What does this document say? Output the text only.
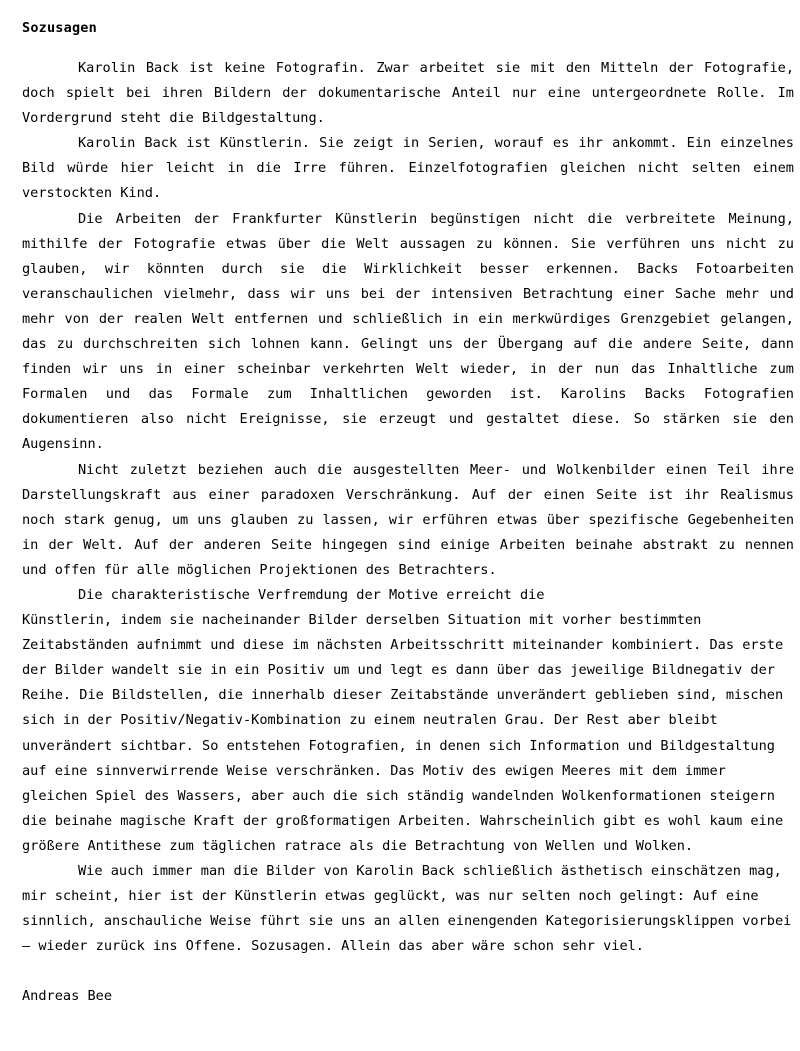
Sozusagen

Karolin Back ist keine Fotografin. Zwar arbeitet sie mit den Mitteln der Fotografie, doch spielt bei ihren Bildern der dokumentarische Anteil nur eine untergeordnete Rolle. Im Vordergrund steht die Bildgestaltung.

Karolin Back ist Künstlerin. Sie zeigt in Serien, worauf es ihr ankommt. Ein einzelnes Bild würde hier leicht in die Irre führen. Einzelfotografien gleichen nicht selten einem verstockten Kind.

Die Arbeiten der Frankfurter Künstlerin begünstigen nicht die verbreitete Meinung, mithilfe der Fotografie etwas über die Welt aussagen zu können. Sie verführen uns nicht zu glauben, wir könnten durch sie die Wirklichkeit besser erkennen. Backs Fotoarbeiten veranschaulichen vielmehr, dass wir uns bei der intensiven Betrachtung einer Sache mehr und mehr von der realen Welt entfernen und schließlich in ein merkwürdiges Grenzgebiet gelangen, das zu durchschreiten sich lohnen kann. Gelingt uns der Übergang auf die andere Seite, dann finden wir uns in einer scheinbar verkehrten Welt wieder, in der nun das Inhaltliche zum Formalen und das Formale zum Inhaltlichen geworden ist. Karolins Backs Fotografien dokumentieren also nicht Ereignisse, sie erzeugt und gestaltet diese. So stärken sie den Augensinn.

Nicht zuletzt beziehen auch die ausgestellten Meer- und Wolkenbilder einen Teil ihre Darstellungskraft aus einer paradoxen Verschränkung. Auf der einen Seite ist ihr Realismus noch stark genug, um uns glauben zu lassen, wir erführen etwas über spezifische Gegebenheiten in der Welt. Auf der anderen Seite hingegen sind einige Arbeiten beinahe abstrakt zu nennen und offen für alle möglichen Projektionen des Betrachters.

Die charakteristische Verfremdung der Motive erreicht die

Künstlerin, indem sie nacheinander Bilder derselben Situation mit vorher bestimmten Zeitabständen aufnimmt und diese im nächsten Arbeitsschritt miteinander kombiniert. Das erste der Bilder wandelt sie in ein Positiv um und legt es dann über das jeweilige Bildnegativ der Reihe. Die Bildstellen, die innerhalb dieser Zeitabstände unverändert geblieben sind, mischen sich in der Positiv/Negativ-Kombination zu einem neutralen Grau. Der Rest aber bleibt unverändert sichtbar. So entstehen Fotografien, in denen sich Information und Bildgestaltung auf eine sinnverwirrende Weise verschränken. Das Motiv des ewigen Meeres mit dem immer gleichen Spiel des Wassers, aber auch die sich ständig wandelnden Wolkenformationen steigern die beinahe magische Kraft der großformatigen Arbeiten. Wahrscheinlich gibt es wohl kaum eine größere Antithese zum täglichen ratrace als die Betrachtung von Wellen und Wolken.

Wie auch immer man die Bilder von Karolin Back schließlich ästhetisch einschätzen mag, mir scheint, hier ist der Künstlerin etwas geglückt, was nur selten noch gelingt: Auf eine sinnlich, anschauliche Weise führt sie uns an allen einengenden Kategorisierungsklippen vorbei – wieder zurück ins Offene. Sozusagen. Allein das aber wäre schon sehr viel.

Andreas Bee
